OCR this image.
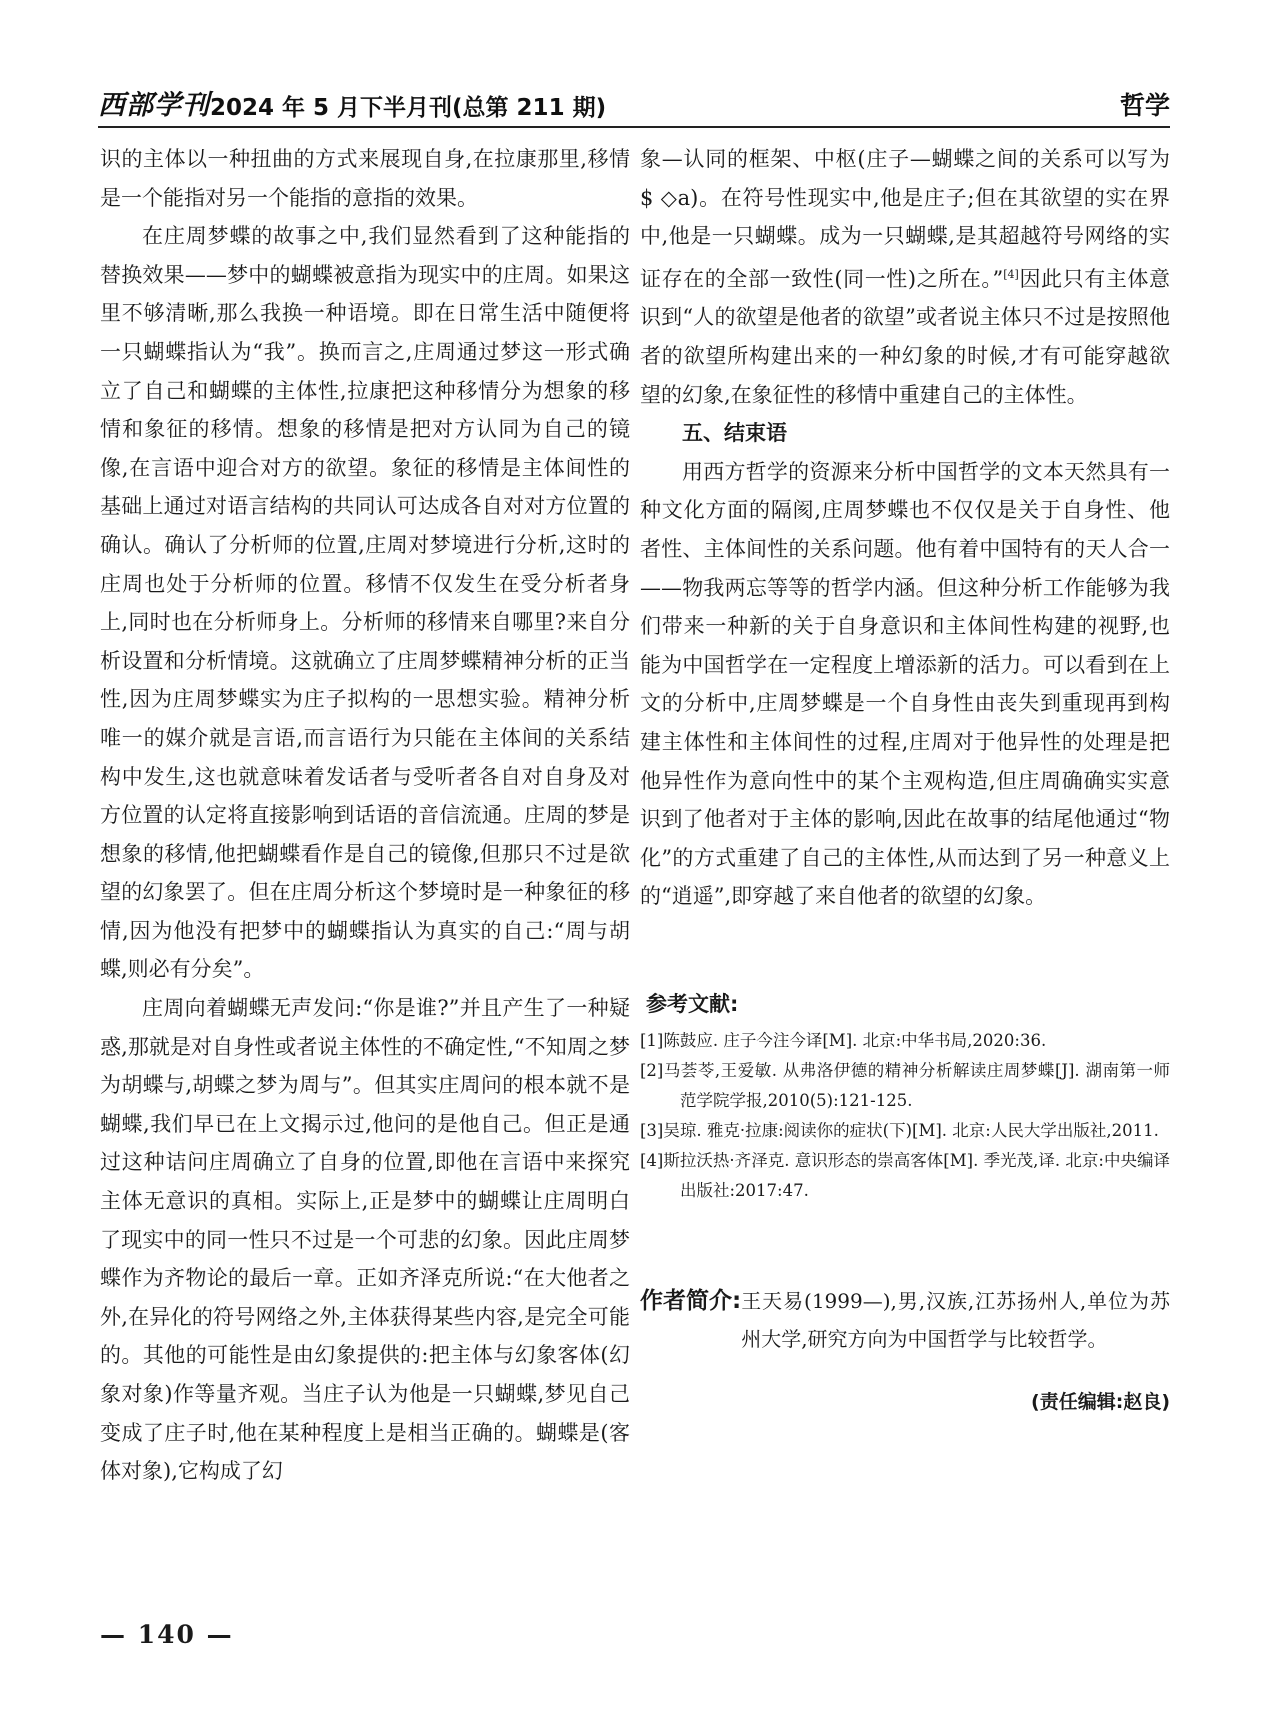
西部学刊 2024 年 5 月下半月刊(总第 211 期)	哲学

识的主体以一种扭曲的方式来展现自身,在拉康那里,移情是一个能指对另一个能指的意指的效果。

在庄周梦蝶的故事之中,我们显然看到了这种能指的替换效果——梦中的蝴蝶被意指为现实中的庄周。如果这里不够清晰,那么我换一种语境。即在日常生活中随便将一只蝴蝶指认为“我”。换而言之,庄周通过梦这一形式确立了自己和蝴蝶的主体性,拉康把这种移情分为想象的移情和象征的移情。想象的移情是把对方认同为自己的镜像,在言语中迎合对方的欲望。象征的移情是主体间性的基础上通过对语言结构的共同认可达成各自对对方位置的确认。确认了分析师的位置,庄周对梦境进行分析,这时的庄周也处于分析师的位置。移情不仅发生在受分析者身上,同时也在分析师身上。分析师的移情来自哪里?来自分析设置和分析情境。这就确立了庄周梦蝶精神分析的正当性,因为庄周梦蝶实为庄子拟构的一思想实验。精神分析唯一的媒介就是言语,而言语行为只能在主体间的关系结构中发生,这也就意味着发话者与受听者各自对自身及对方位置的认定将直接影响到话语的音信流通。庄周的梦是想象的移情,他把蝴蝶看作是自己的镜像,但那只不过是欲望的幻象罢了。但在庄周分析这个梦境时是一种象征的移情,因为他没有把梦中的蝴蝶指认为真实的自己:“周与胡蝶,则必有分矣”。

庄周向着蝴蝶无声发问:“你是谁?”并且产生了一种疑惑,那就是对自身性或者说主体性的不确定性,“不知周之梦为胡蝶与,胡蝶之梦为周与”。但其实庄周问的根本就不是蝴蝶,我们早已在上文揭示过,他问的是他自己。但正是通过这种诘问庄周确立了自身的位置,即他在言语中来探究主体无意识的真相。实际上,正是梦中的蝴蝶让庄周明白了现实中的同一性只不过是一个可悲的幻象。因此庄周梦蝶作为齐物论的最后一章。正如齐泽克所说:“在大他者之外,在异化的符号网络之外,主体获得某些内容,是完全可能的。其他的可能性是由幻象提供的:把主体与幻象客体(幻象对象)作等量齐观。当庄子认为他是一只蝴蝶,梦见自己变成了庄子时,他在某种程度上是相当正确的。蝴蝶是(客体对象),它构成了幻

象—认同的框架、中枢(庄子—蝴蝶之间的关系可以写为 $ ◇a)。在符号性现实中,他是庄子;但在其欲望的实在界中,他是一只蝴蝶。成为一只蝴蝶,是其超越符号网络的实证存在的全部一致性(同一性)之所在。”[4]因此只有主体意识到“人的欲望是他者的欲望”或者说主体只不过是按照他者的欲望所构建出来的一种幻象的时候,才有可能穿越欲望的幻象,在象征性的移情中重建自己的主体性。

五、结束语

用西方哲学的资源来分析中国哲学的文本天然具有一种文化方面的隔阂,庄周梦蝶也不仅仅是关于自身性、他者性、主体间性的关系问题。他有着中国特有的天人合一——物我两忘等等的哲学内涵。但这种分析工作能够为我们带来一种新的关于自身意识和主体间性构建的视野,也能为中国哲学在一定程度上增添新的活力。可以看到在上文的分析中,庄周梦蝶是一个自身性由丧失到重现再到构建主体性和主体间性的过程,庄周对于他异性的处理是把他异性作为意向性中的某个主观构造,但庄周确确实实意识到了他者对于主体的影响,因此在故事的结尾他通过“物化”的方式重建了自己的主体性,从而达到了另一种意义上的“逍遥”,即穿越了来自他者的欲望的幻象。

参考文献:

[1]陈鼓应. 庄子今注今译[M]. 北京:中华书局,2020:36.

[2]马荟苓,王爱敏. 从弗洛伊德的精神分析解读庄周梦蝶[J]. 湖南第一师范学院学报,2010(5):121-125.

[3]吴琼. 雅克·拉康:阅读你的症状(下)[M]. 北京:人民大学出版社,2011.

[4]斯拉沃热·齐泽克. 意识形态的崇高客体[M]. 季光茂,译. 北京:中央编译出版社:2017:47.

作者简介: 王天易(1999—),男,汉族,江苏扬州人,单位为苏州大学,研究方向为中国哲学与比较哲学。
(责任编辑:赵良)
— 140 —
